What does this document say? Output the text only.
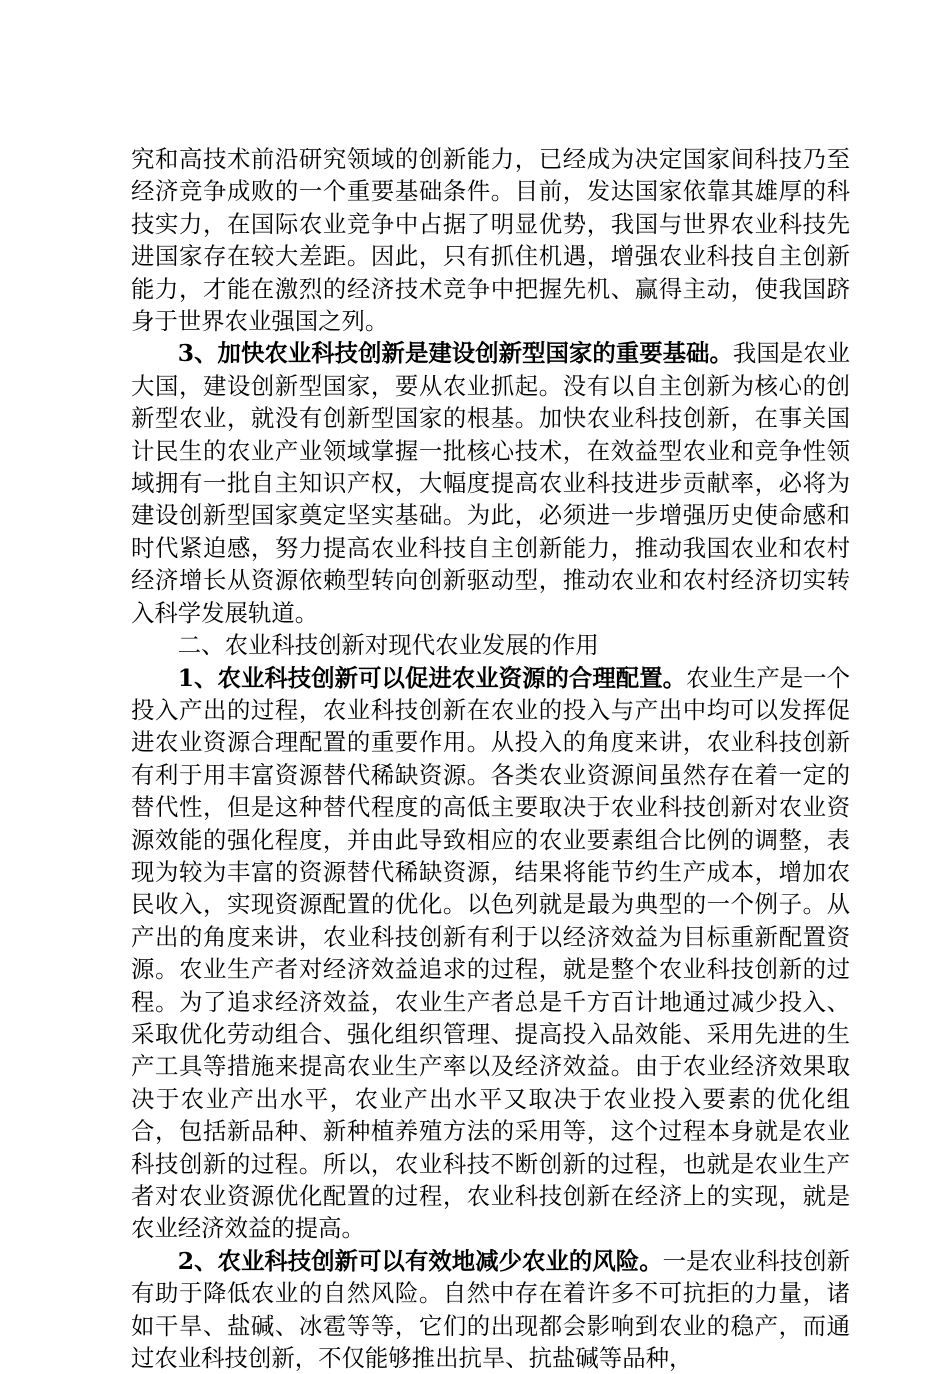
究和高技术前沿研究领域的创新能力，已经成为决定国家间科技乃至经济竞争成败的一个重要基础条件。目前，发达国家依靠其雄厚的科技实力，在国际农业竞争中占据了明显优势，我国与世界农业科技先进国家存在较大差距。因此，只有抓住机遇，增强农业科技自主创新能力，才能在激烈的经济技术竞争中把握先机、赢得主动，使我国跻身于世界农业强国之列。

3、加快农业科技创新是建设创新型国家的重要基础。我国是农业大国，建设创新型国家，要从农业抓起。没有以自主创新为核心的创新型农业，就没有创新型国家的根基。加快农业科技创新，在事关国计民生的农业产业领域掌握一批核心技术，在效益型农业和竞争性领域拥有一批自主知识产权，大幅度提高农业科技进步贡献率，必将为建设创新型国家奠定坚实基础。为此，必须进一步增强历史使命感和时代紧迫感，努力提高农业科技自主创新能力，推动我国农业和农村经济增长从资源依赖型转向创新驱动型，推动农业和农村经济切实转入科学发展轨道。

二、农业科技创新对现代农业发展的作用

1、农业科技创新可以促进农业资源的合理配置。农业生产是一个投入产出的过程，农业科技创新在农业的投入与产出中均可以发挥促进农业资源合理配置的重要作用。从投入的角度来讲，农业科技创新有利于用丰富资源替代稀缺资源。各类农业资源间虽然存在着一定的替代性，但是这种替代程度的高低主要取决于农业科技创新对农业资源效能的强化程度，并由此导致相应的农业要素组合比例的调整，表现为较为丰富的资源替代稀缺资源，结果将能节约生产成本，增加农民收入，实现资源配置的优化。以色列就是最为典型的一个例子。从产出的角度来讲，农业科技创新有利于以经济效益为目标重新配置资源。农业生产者对经济效益追求的过程，就是整个农业科技创新的过程。为了追求经济效益，农业生产者总是千方百计地通过减少投入、采取优化劳动组合、强化组织管理、提高投入品效能、采用先进的生产工具等措施来提高农业生产率以及经济效益。由于农业经济效果取决于农业产出水平，农业产出水平又取决于农业投入要素的优化组合，包括新品种、新种植养殖方法的采用等，这个过程本身就是农业科技创新的过程。所以，农业科技不断创新的过程，也就是农业生产者对农业资源优化配置的过程，农业科技创新在经济上的实现，就是农业经济效益的提高。

2、农业科技创新可以有效地减少农业的风险。一是农业科技创新有助于降低农业的自然风险。自然中存在着许多不可抗拒的力量，诸如干旱、盐碱、冰雹等等，它们的出现都会影响到农业的稳产，而通过农业科技创新，不仅能够推出抗旱、抗盐碱等品种，
